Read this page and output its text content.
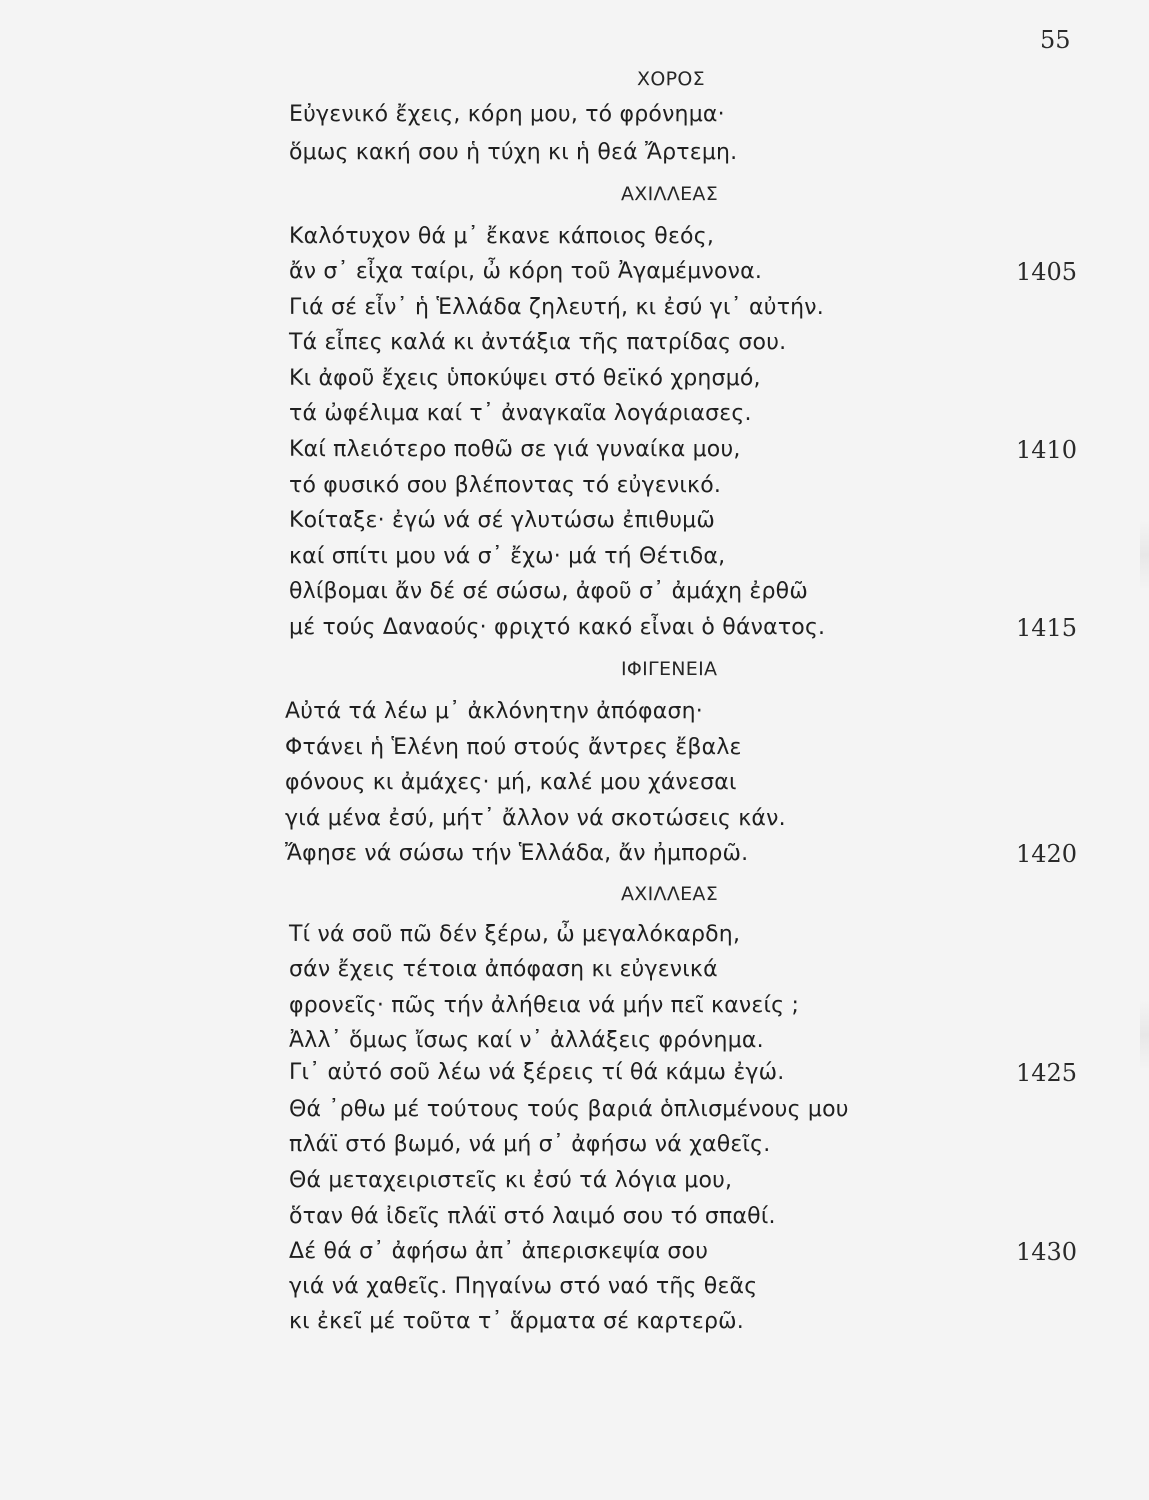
55
ΧΟΡΟΣ
Εὐγενικό ἔχεις, κόρη μου, τό φρόνημα·
ὅμως κακή σου ἡ τύχη κι ἡ θεά Ἄρτεμη.
ΑΧΙΛΛΕΑΣ
Καλότυχον θά μ᾽ ἔκανε κάποιος θεός,
ἄν σ᾽ εἶχα ταίρι, ὦ κόρη τοῦ Ἀγαμέμνονα.	1405
Γιά σέ εἶν᾽ ἡ Ἑλλάδα ζηλευτή, κι ἐσύ γι᾽ αὐτήν.
Τά εἶπες καλά κι ἀντάξια τῆς πατρίδας σου.
Κι ἀφοῦ ἔχεις ὑποκύψει στό θεϊκό χρησμό,
τά ὠφέλιμα καί τ᾽ ἀναγκαῖα λογάριασες.
Καί πλειότερο ποθῶ σε γιά γυναίκα μου,	1410
τό φυσικό σου βλέποντας τό εὐγενικό.
Κοίταξε· ἐγώ νά σέ γλυτώσω ἐπιθυμῶ
καί σπίτι μου νά σ᾽ ἔχω· μά τή Θέτιδα,
θλίβομαι ἄν δέ σέ σώσω, ἀφοῦ σ᾽ ἀμάχη ἐρθῶ
μέ τούς Δαναούς· φριχτό κακό εἶναι ὁ θάνατος.	1415
ΙΦΙΓΕΝΕΙΑ
Αὐτά τά λέω μ᾽ ἀκλόνητην ἀπόφαση·
Φτάνει ἡ Ἑλένη πού στούς ἄντρες ἔβαλε
φόνους κι ἀμάχες· μή, καλέ μου χάνεσαι
γιά μένα ἐσύ, μήτ᾽ ἄλλον νά σκοτώσεις κάν.
Ἄφησε νά σώσω τήν Ἑλλάδα, ἄν ἠμπορῶ.	1420
ΑΧΙΛΛΕΑΣ
Τί νά σοῦ πῶ δέν ξέρω, ὦ μεγαλόκαρδη,
σάν ἔχεις τέτοια ἀπόφαση κι εὐγενικά
φρονεῖς· πῶς τήν ἀλήθεια νά μήν πεῖ κανείς ;
Ἀλλ᾽ ὅμως ἴσως καί ν᾽ ἀλλάξεις φρόνημα.
Γι᾽ αὐτό σοῦ λέω νά ξέρεις τί θά κάμω ἐγώ.	1425
Θά ᾽ρθω μέ τούτους τούς βαριά ὁπλισμένους μου
πλάϊ στό βωμό, νά μή σ᾽ ἀφήσω νά χαθεῖς.
Θά μεταχειριστεῖς κι ἐσύ τά λόγια μου,
ὅταν θά ἰδεῖς πλάϊ στό λαιμό σου τό σπαθί.
Δέ θά σ᾽ ἀφήσω ἀπ᾽ ἀπερισκεψία σου	1430
γιά νά χαθεῖς. Πηγαίνω στό ναό τῆς θεᾶς
κι ἐκεῖ μέ τοῦτα τ᾽ ἅρματα σέ καρτερῶ.
